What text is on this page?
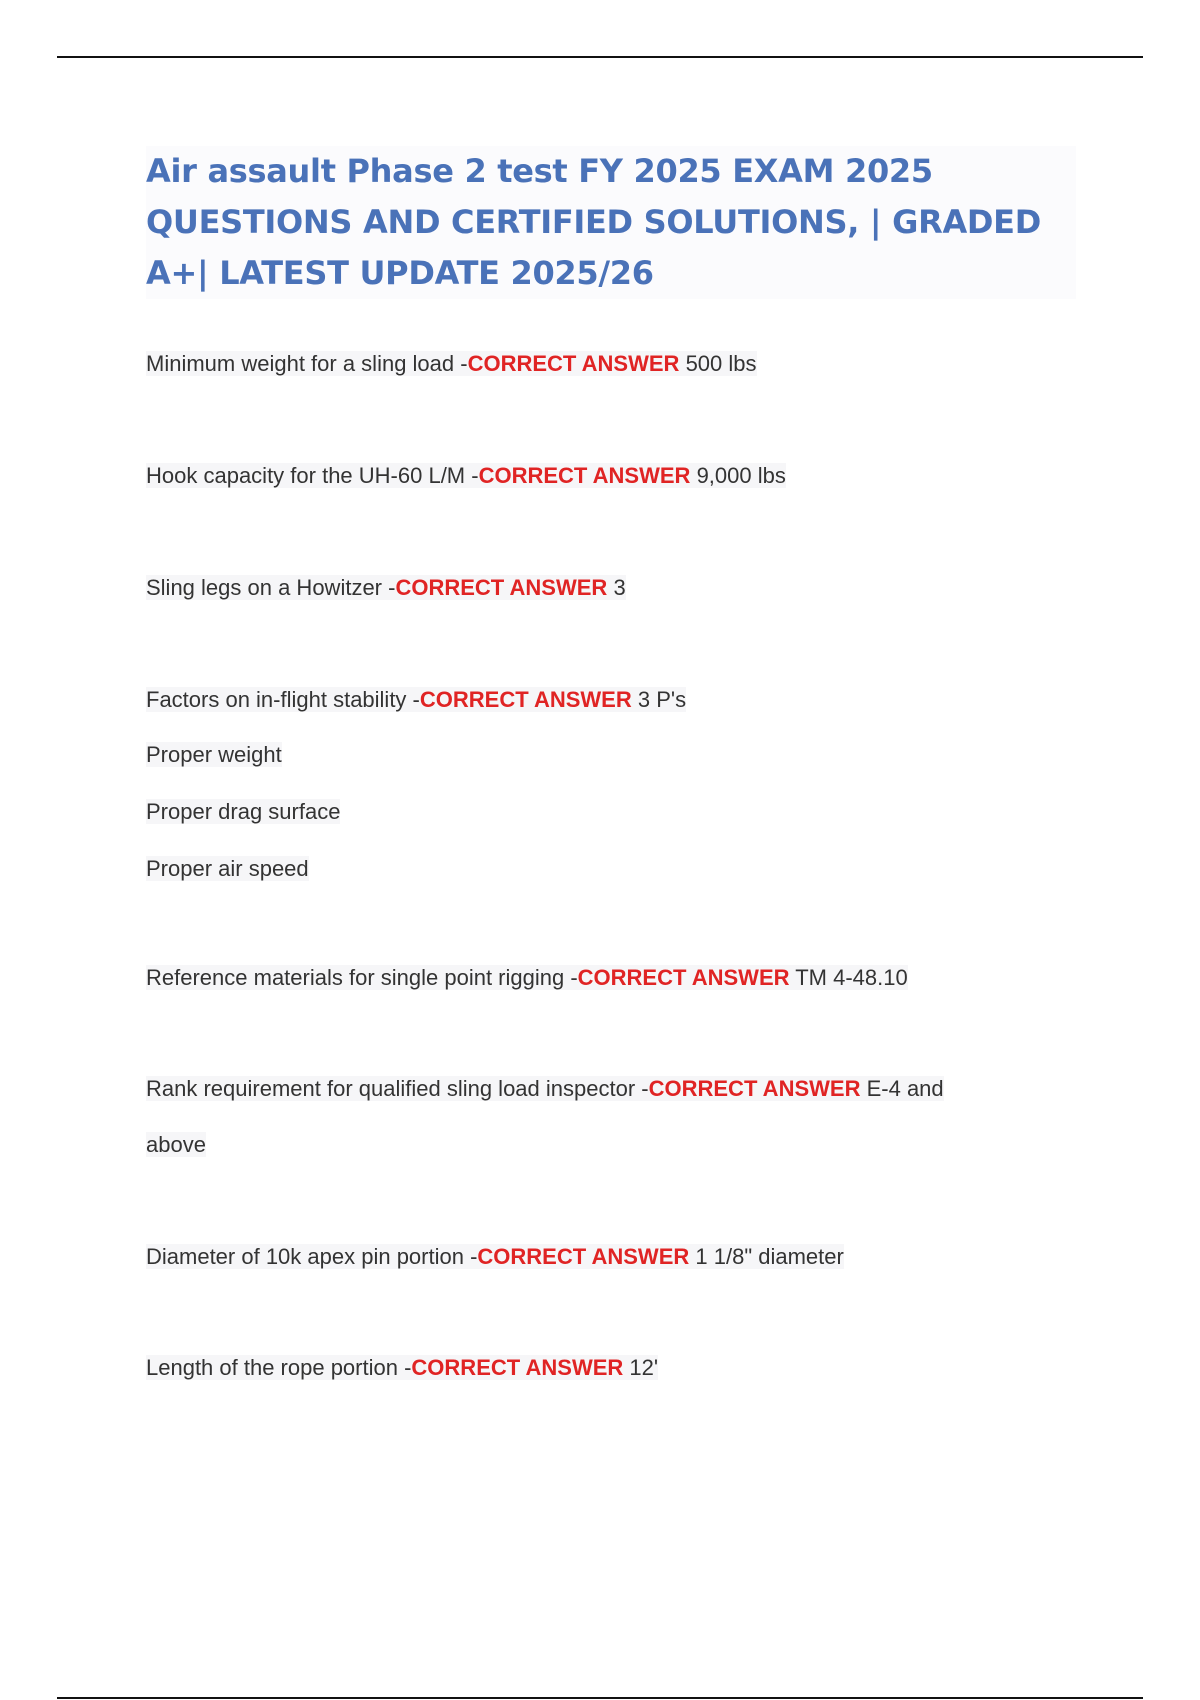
Air assault Phase 2 test FY 2025 EXAM 2025 QUESTIONS AND CERTIFIED SOLUTIONS, | GRADED A+| LATEST UPDATE 2025/26

Minimum weight for a sling load -CORRECT ANSWER 500 lbs

Hook capacity for the UH-60 L/M -CORRECT ANSWER 9,000 lbs

Sling legs on a Howitzer -CORRECT ANSWER 3

Factors on in-flight stability -CORRECT ANSWER 3 P's

Proper weight

Proper drag surface

Proper air speed

Reference materials for single point rigging -CORRECT ANSWER TM 4-48.10

Rank requirement for qualified sling load inspector -CORRECT ANSWER E-4 and

above

Diameter of 10k apex pin portion -CORRECT ANSWER 1 1/8" diameter

Length of the rope portion -CORRECT ANSWER 12'
